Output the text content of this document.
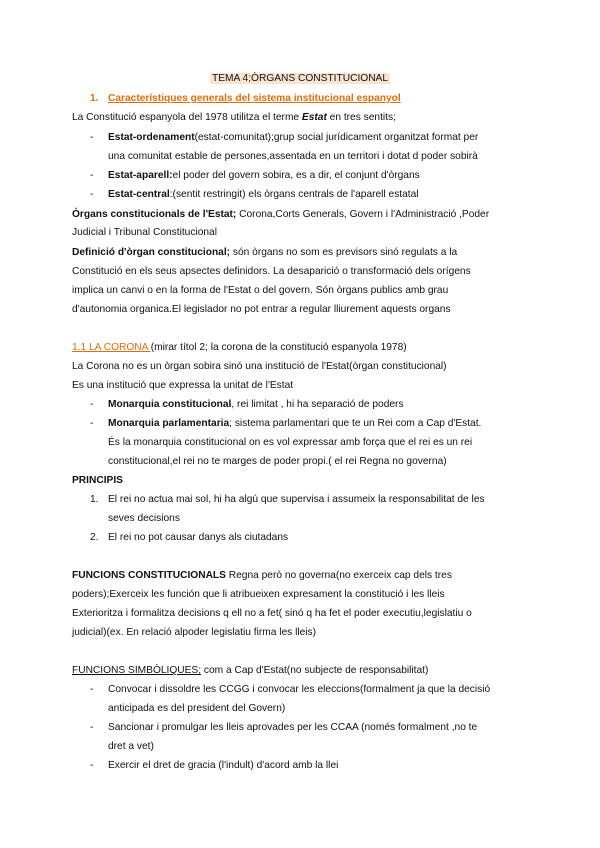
TEMA 4;ÒRGANS CONSTITUCIONAL
1. Característiques generals del sistema institucional espanyol
La Constitució espanyola del 1978 utilitza el terme Estat en tres sentits;
- Estat-ordenament(estat-comunitat);grup social jurídicament organitzat format per
una comunitat estable de persones,assentada en un territori i dotat d poder sobirà
- Estat-aparell:el poder del govern sobira, es a dir, el conjunt d'òrgans
- Estat-central:(sentit restringit) els òrgans centrals de l'aparell estatal
Òrgans constitucionals de l'Estat; Corona,Corts Generals, Govern i l'Administració ,Poder
Judicial i Tribunal Constitucional
Definició d'òrgan constitucional; són òrgans no som es previsors sinó regulats a la
Constitució en els seus apsectes definidors. La desaparició o transformació dels orígens
implica un canvi o en la forma de l'Estat o del govern. Són òrgans publics amb grau
d'autonomia organica.El legislador no pot entrar a regular lliurement aquests organs
1.1 LA CORONA (mirar títol 2; la corona de la constitució espanyola 1978)
La Corona no es un òrgan sobira sinó una institució de l'Estat(òrgan constitucional)
Es una institució que expressa la unitat de l'Estat
- Monarquia constitucional, rei limitat , hi ha separació de poders
- Monarquia parlamentaria; sistema parlamentari que te un Rei com a Cap d'Estat.
És la monarquia constitucional on es vol expressar amb força que el rei es un rei
constitucional,el rei no te marges de poder propi.( el rei Regna no governa)
PRINCIPIS
1. El rei no actua mai sol, hi ha algú que supervisa i assumeix la responsabilitat de les
seves decisions
2. El rei no pot causar danys als ciutadans
FUNCIONS CONSTITUCIONALS Regna però no governa(no exerceix cap dels tres
poders);Exerceix les función que li atribueixen expresament la constitució i les lleis
Exterioritza i formalitza decisions q ell no a fet( sinó q ha fet el poder executiu,legislatiu o
judicial)(ex. En relació alpoder legislatiu firma les lleis)
FUNCIONS SIMBÒLIQUES; com a Cap d'Estat(no subjecte de responsabilitat)
- Convocar i dissoldre les CCGG i convocar les eleccions(formalment ja que la decisió
anticipada es del president del Govern)
- Sancionar i promulgar les lleis aprovades per les CCAA (només formalment ,no te
dret a vet)
- Exercir el dret de gracia (l'indult) d'acord amb la llei
